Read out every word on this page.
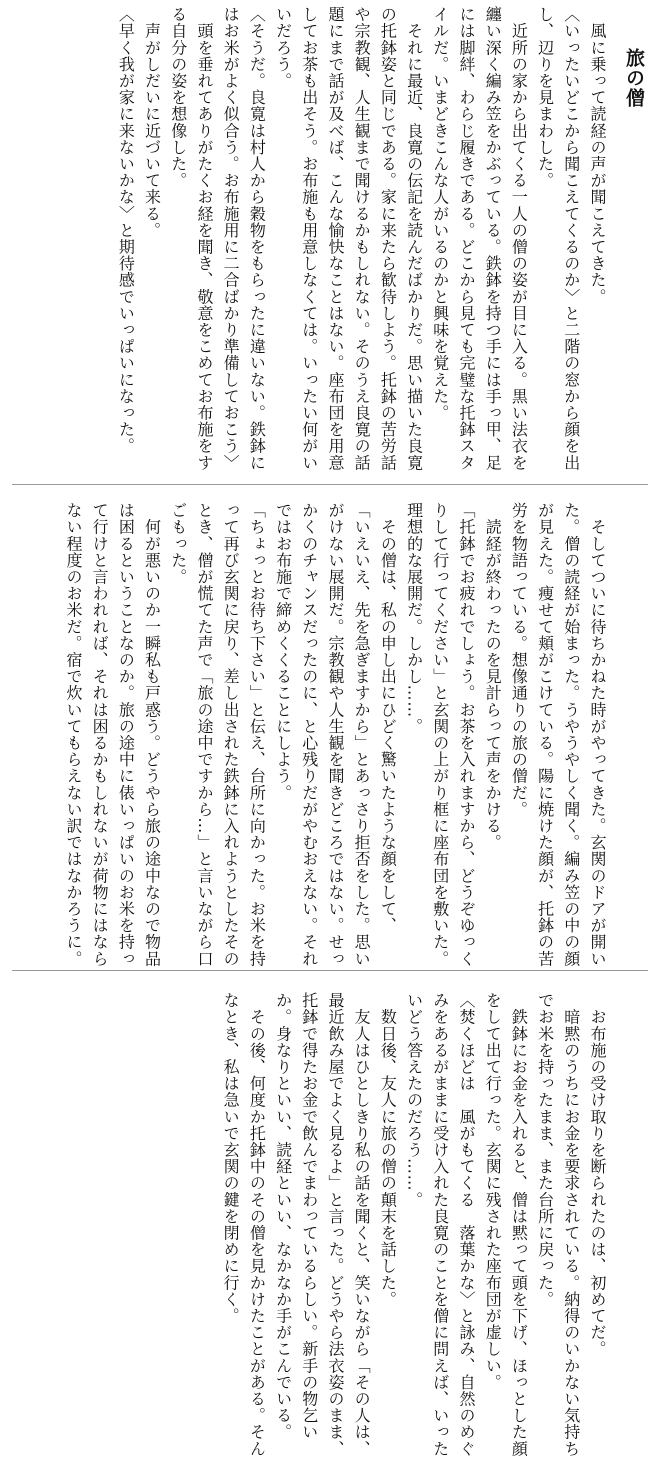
旅の僧

　風に乗って読経の声が聞こえてきた。

〈いったいどこから聞こえてくるのか〉と二階の窓から顔を出し、辺りを見まわした。

　近所の家から出てくる一人の僧の姿が目に入る。黒い法衣を纏い深く編み笠をかぶっている。鉄鉢を持つ手には手っ甲、足には脚絆、わらじ履きである。どこから見ても完璧な托鉢スタイルだ。いまどきこんな人がいるのかと興味を覚えた。

　それに最近、良寛の伝記を読んだばかりだ。思い描いた良寛の托鉢姿と同じである。家に来たら歓待しよう。托鉢の苦労話や宗教観、人生観まで聞けるかもしれない。そのうえ良寛の話題にまで話が及べば、こんな愉快なことはない。座布団を用意してお茶も出そう。お布施も用意しなくては。いったい何がいいだろう。

〈そうだ。良寛は村人から穀物をもらったに違いない。鉄鉢にはお米がよく似合う。お布施用に二合ばかり準備しておこう〉

　頭を垂れてありがたくお経を聞き、敬意をこめてお布施をする自分の姿を想像した。

　声がしだいに近づいて来る。

〈早く我が家に来ないかな〉と期待感でいっぱいになった。

　そしてついに待ちかねた時がやってきた。玄関のドアが開いた。僧の読経が始まった。うやうやしく聞く。編み笠の中の顔が見えた。痩せて頬がこけている。陽に焼けた顔が、托鉢の苦労を物語っている。想像通りの旅の僧だ。

　読経が終わったのを見計らって声をかける。

「托鉢でお疲れでしょう。お茶を入れますから、どうぞゆっくりして行ってください」と玄関の上がり框に座布団を敷いた。理想的な展開だ。しかし……。

　その僧は、私の申し出にひどく驚いたような顔をして、

「いえいえ、先を急ぎますから」とあっさり拒否をした。思いがけない展開だ。宗教観や人生観を聞きどころではない。せっかくのチャンスだったのに、と心残りだがやむおえない。それではお布施で締めくくることにしよう。

「ちょっとお待ち下さい」と伝え、台所に向かった。お米を持って再び玄関に戻り、差し出された鉄鉢に入れようとしたそのとき、僧が慌てた声で「旅の途中ですから…」と言いながら口ごもった。

　何が悪いのか一瞬私も戸惑う。どうやら旅の途中なので物品は困るということなのか。旅の途中に俵いっぱいのお米を持って行けと言われれば、それは困るかもしれないが荷物にはならない程度のお米だ。宿で炊いてもらえない訳ではなかろうに。

　お布施の受け取りを断られたのは、初めてだ。

　暗黙のうちにお金を要求されている。納得のいかない気持ちでお米を持ったまま、また台所に戻った。

　鉄鉢にお金を入れると、僧は黙って頭を下げ、ほっとした顔をして出て行った。玄関に残された座布団が虚しい。

〈焚くほどは　風がもてくる　落葉かな〉と詠み、自然のめぐみをあるがままに受け入れた良寛のことを僧に問えば、いったいどう答えたのだろう……。

　数日後、友人に旅の僧の顛末を話した。

　友人はひとしきり私の話を聞くと、笑いながら「その人は、最近飲み屋でよく見るよ」と言った。どうやら法衣姿のまま、托鉢で得たお金で飲んでまわっているらしい。新手の物乞いか。身なりといい、読経といい、なかなか手がこんでいる。

　その後、何度か托鉢中のその僧を見かけたことがある。そんなとき、私は急いで玄関の鍵を閉めに行く。
